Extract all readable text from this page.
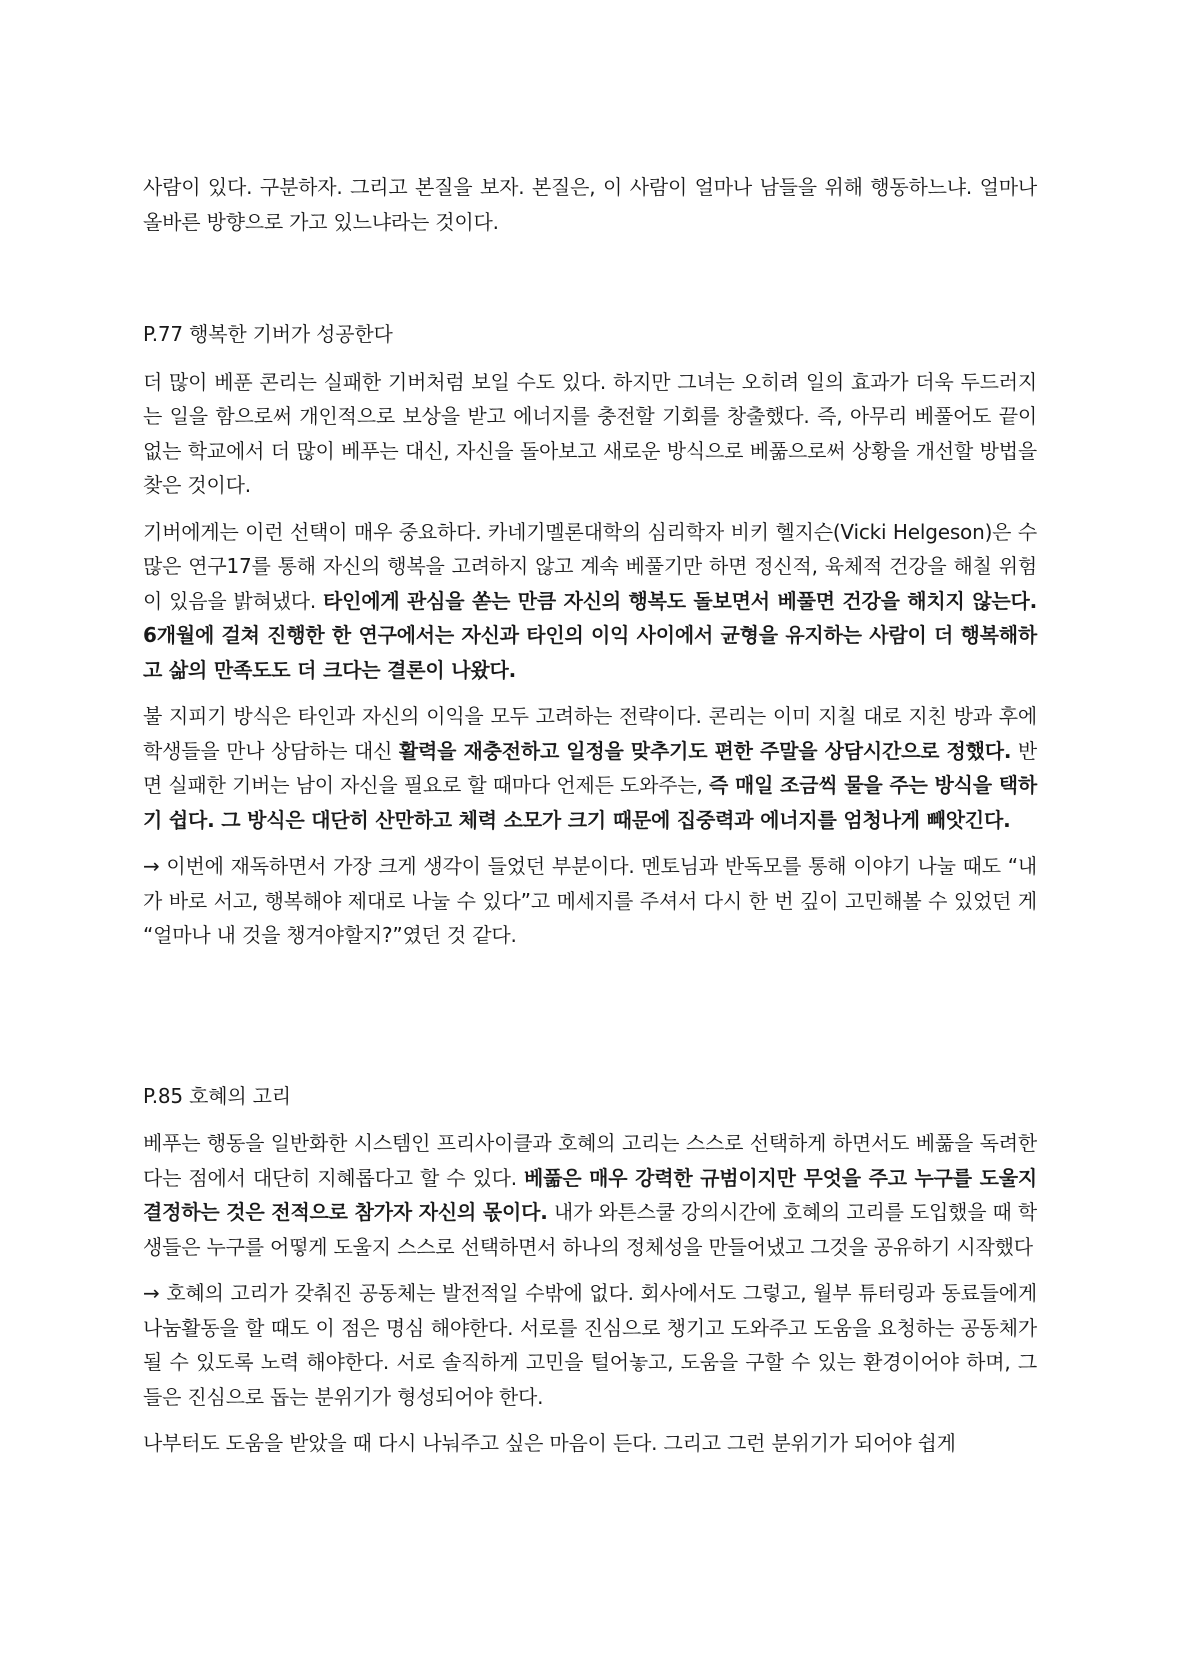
사람이 있다. 구분하자. 그리고 본질을 보자. 본질은, 이 사람이 얼마나 남들을 위해 행동하느냐. 얼마나 올바른 방향으로 가고 있느냐라는 것이다.

P.77 행복한 기버가 성공한다

더 많이 베푼 콘리는 실패한 기버처럼 보일 수도 있다. 하지만 그녀는 오히려 일의 효과가 더욱 두드러지는 일을 함으로써 개인적으로 보상을 받고 에너지를 충전할 기회를 창출했다. 즉, 아무리 베풀어도 끝이 없는 학교에서 더 많이 베푸는 대신, 자신을 돌아보고 새로운 방식으로 베풂으로써 상황을 개선할 방법을 찾은 것이다.

기버에게는 이런 선택이 매우 중요하다. 카네기멜론대학의 심리학자 비키 헬지슨(Vicki Helgeson)은 수많은 연구17를 통해 자신의 행복을 고려하지 않고 계속 베풀기만 하면 정신적, 육체적 건강을 해칠 위험이 있음을 밝혀냈다. 타인에게 관심을 쏟는 만큼 자신의 행복도 돌보면서 베풀면 건강을 해치지 않는다. 6개월에 걸쳐 진행한 한 연구에서는 자신과 타인의 이익 사이에서 균형을 유지하는 사람이 더 행복해하고 삶의 만족도도 더 크다는 결론이 나왔다.

불 지피기 방식은 타인과 자신의 이익을 모두 고려하는 전략이다. 콘리는 이미 지칠 대로 지친 방과 후에 학생들을 만나 상담하는 대신 활력을 재충전하고 일정을 맞추기도 편한 주말을 상담시간으로 정했다. 반면 실패한 기버는 남이 자신을 필요로 할 때마다 언제든 도와주는, 즉 매일 조금씩 물을 주는 방식을 택하기 쉽다. 그 방식은 대단히 산만하고 체력 소모가 크기 때문에 집중력과 에너지를 엄청나게 빼앗긴다.

→ 이번에 재독하면서 가장 크게 생각이 들었던 부분이다. 멘토님과 반독모를 통해 이야기 나눌 때도 “내가 바로 서고, 행복해야 제대로 나눌 수 있다”고 메세지를 주셔서 다시 한 번 깊이 고민해볼 수 있었던 게 “얼마나 내 것을 챙겨야할지?”였던 것 같다.

P.85 호혜의 고리

베푸는 행동을 일반화한 시스템인 프리사이클과 호혜의 고리는 스스로 선택하게 하면서도 베풂을 독려한다는 점에서 대단히 지혜롭다고 할 수 있다. 베풂은 매우 강력한 규범이지만 무엇을 주고 누구를 도울지 결정하는 것은 전적으로 참가자 자신의 몫이다. 내가 와튼스쿨 강의시간에 호혜의 고리를 도입했을 때 학생들은 누구를 어떻게 도울지 스스로 선택하면서 하나의 정체성을 만들어냈고 그것을 공유하기 시작했다

→ 호혜의 고리가 갖춰진 공동체는 발전적일 수밖에 없다. 회사에서도 그렇고, 월부 튜터링과 동료들에게 나눔활동을 할 때도 이 점은 명심 해야한다. 서로를 진심으로 챙기고 도와주고 도움을 요청하는 공동체가 될 수 있도록 노력 해야한다. 서로 솔직하게 고민을 털어놓고, 도움을 구할 수 있는 환경이어야 하며, 그들은 진심으로 돕는 분위기가 형성되어야 한다.

나부터도 도움을 받았을 때 다시 나눠주고 싶은 마음이 든다. 그리고 그런 분위기가 되어야 쉽게
